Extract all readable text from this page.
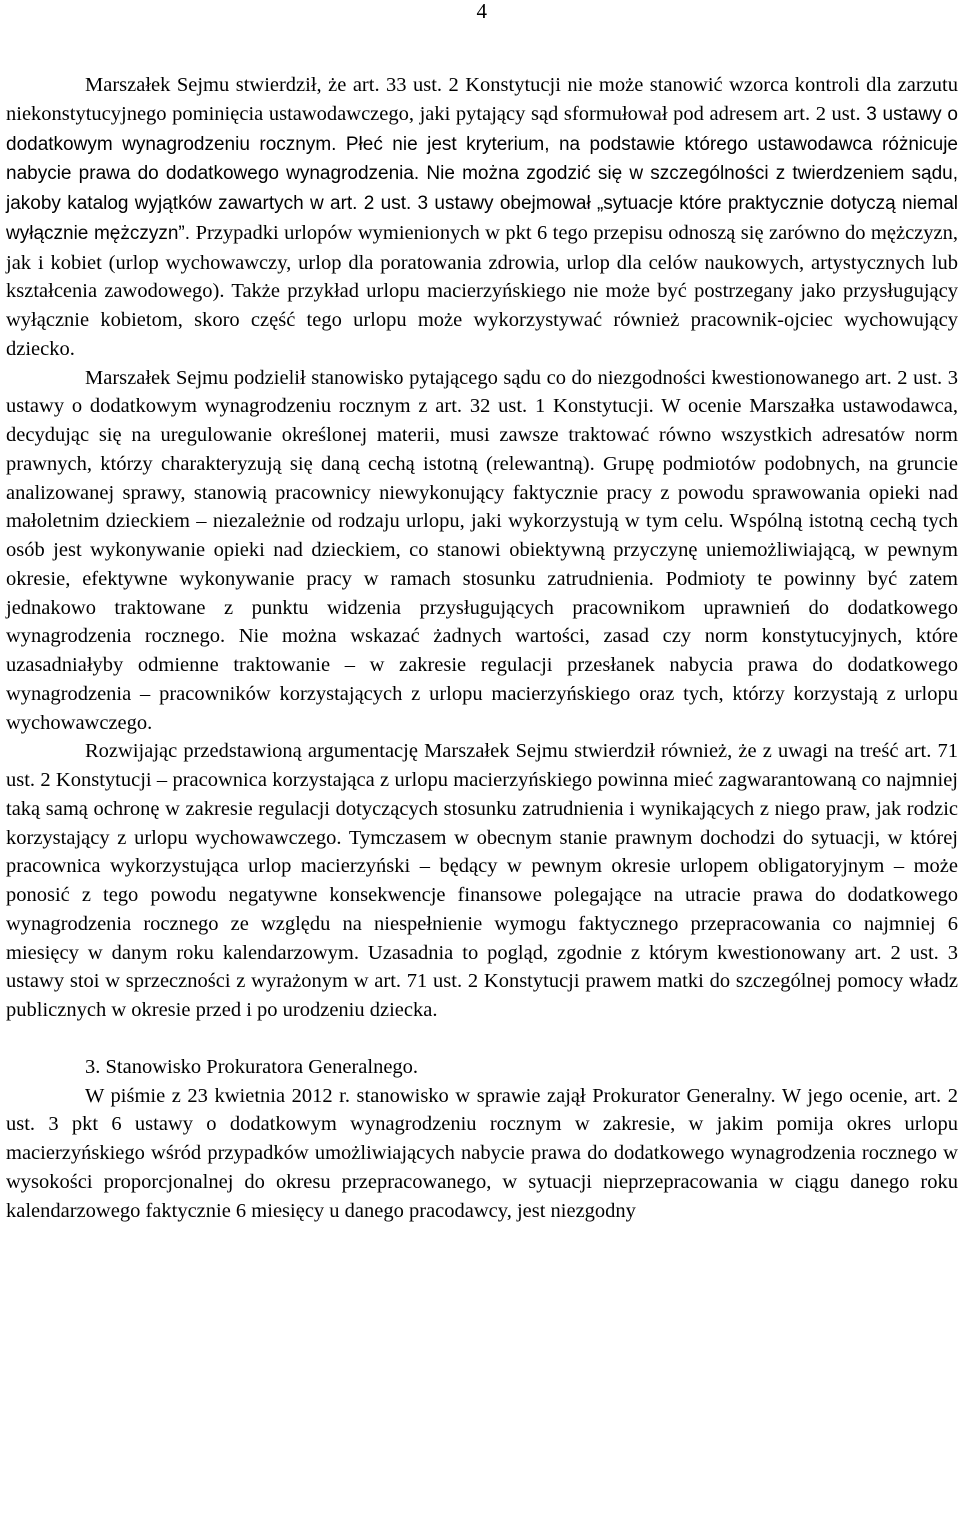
4

Marszałek Sejmu stwierdził, że art. 33 ust. 2 Konstytucji nie może stanowić wzorca kontroli dla zarzutu niekonstytucyjnego pominięcia ustawodawczego, jaki pytający sąd sformułował pod adresem art. 2 ust. 3 ustawy o dodatkowym wynagrodzeniu rocznym. Płeć nie jest kryterium, na podstawie którego ustawodawca różnicuje nabycie prawa do dodatkowego wynagrodzenia. Nie można zgodzić się w szczególności z twierdzeniem sądu, jakoby katalog wyjątków zawartych w art. 2 ust. 3 ustawy obejmował „sytuacje które praktycznie dotyczą niemal wyłącznie mężczyzn”. Przypadki urlopów wymienionych w pkt 6 tego przepisu odnoszą się zarówno do mężczyzn, jak i kobiet (urlop wychowawczy, urlop dla poratowania zdrowia, urlop dla celów naukowych, artystycznych lub kształcenia zawodowego). Także przykład urlopu macierzyńskiego nie może być postrzegany jako przysługujący wyłącznie kobietom, skoro część tego urlopu może wykorzystywać również pracownik-ojciec wychowujący dziecko.

Marszałek Sejmu podzielił stanowisko pytającego sądu co do niezgodności kwestionowanego art. 2 ust. 3 ustawy o dodatkowym wynagrodzeniu rocznym z art. 32 ust. 1 Konstytucji. W ocenie Marszałka ustawodawca, decydując się na uregulowanie określonej materii, musi zawsze traktować równo wszystkich adresatów norm prawnych, którzy charakteryzują się daną cechą istotną (relewantną). Grupę podmiotów podobnych, na gruncie analizowanej sprawy, stanowią pracownicy niewykonujący faktycznie pracy z powodu sprawowania opieki nad małoletnim dzieckiem – niezależnie od rodzaju urlopu, jaki wykorzystują w tym celu. Wspólną istotną cechą tych osób jest wykonywanie opieki nad dzieckiem, co stanowi obiektywną przyczynę uniemożliwiającą, w pewnym okresie, efektywne wykonywanie pracy w ramach stosunku zatrudnienia. Podmioty te powinny być zatem jednakowo traktowane z punktu widzenia przysługujących pracownikom uprawnień do dodatkowego wynagrodzenia rocznego. Nie można wskazać żadnych wartości, zasad czy norm konstytucyjnych, które uzasadniałyby odmienne traktowanie – w zakresie regulacji przesłanek nabycia prawa do dodatkowego wynagrodzenia – pracowników korzystających z urlopu macierzyńskiego oraz tych, którzy korzystają z urlopu wychowawczego.

Rozwijając przedstawioną argumentację Marszałek Sejmu stwierdził również, że z uwagi na treść art. 71 ust. 2 Konstytucji – pracownica korzystająca z urlopu macierzyńskiego powinna mieć zagwarantowaną co najmniej taką samą ochronę w zakresie regulacji dotyczących stosunku zatrudnienia i wynikających z niego praw, jak rodzic korzystający z urlopu wychowawczego. Tymczasem w obecnym stanie prawnym dochodzi do sytuacji, w której pracownica wykorzystująca urlop macierzyński – będący w pewnym okresie urlopem obligatoryjnym – może ponosić z tego powodu negatywne konsekwencje finansowe polegające na utracie prawa do dodatkowego wynagrodzenia rocznego ze względu na niespełnienie wymogu faktycznego przepracowania co najmniej 6 miesięcy w danym roku kalendarzowym. Uzasadnia to pogląd, zgodnie z którym kwestionowany art. 2 ust. 3 ustawy stoi w sprzeczności z wyrażonym w art. 71 ust. 2 Konstytucji prawem matki do szczególnej pomocy władz publicznych w okresie przed i po urodzeniu dziecka.

3. Stanowisko Prokuratora Generalnego.

W piśmie z 23 kwietnia 2012 r. stanowisko w sprawie zajął Prokurator Generalny. W jego ocenie, art. 2 ust. 3 pkt 6 ustawy o dodatkowym wynagrodzeniu rocznym w zakresie, w jakim pomija okres urlopu macierzyńskiego wśród przypadków umożliwiających nabycie prawa do dodatkowego wynagrodzenia rocznego w wysokości proporcjonalnej do okresu przepracowanego, w sytuacji nieprzepracowania w ciągu danego roku kalendarzowego faktycznie 6 miesięcy u danego pracodawcy, jest niezgodny
